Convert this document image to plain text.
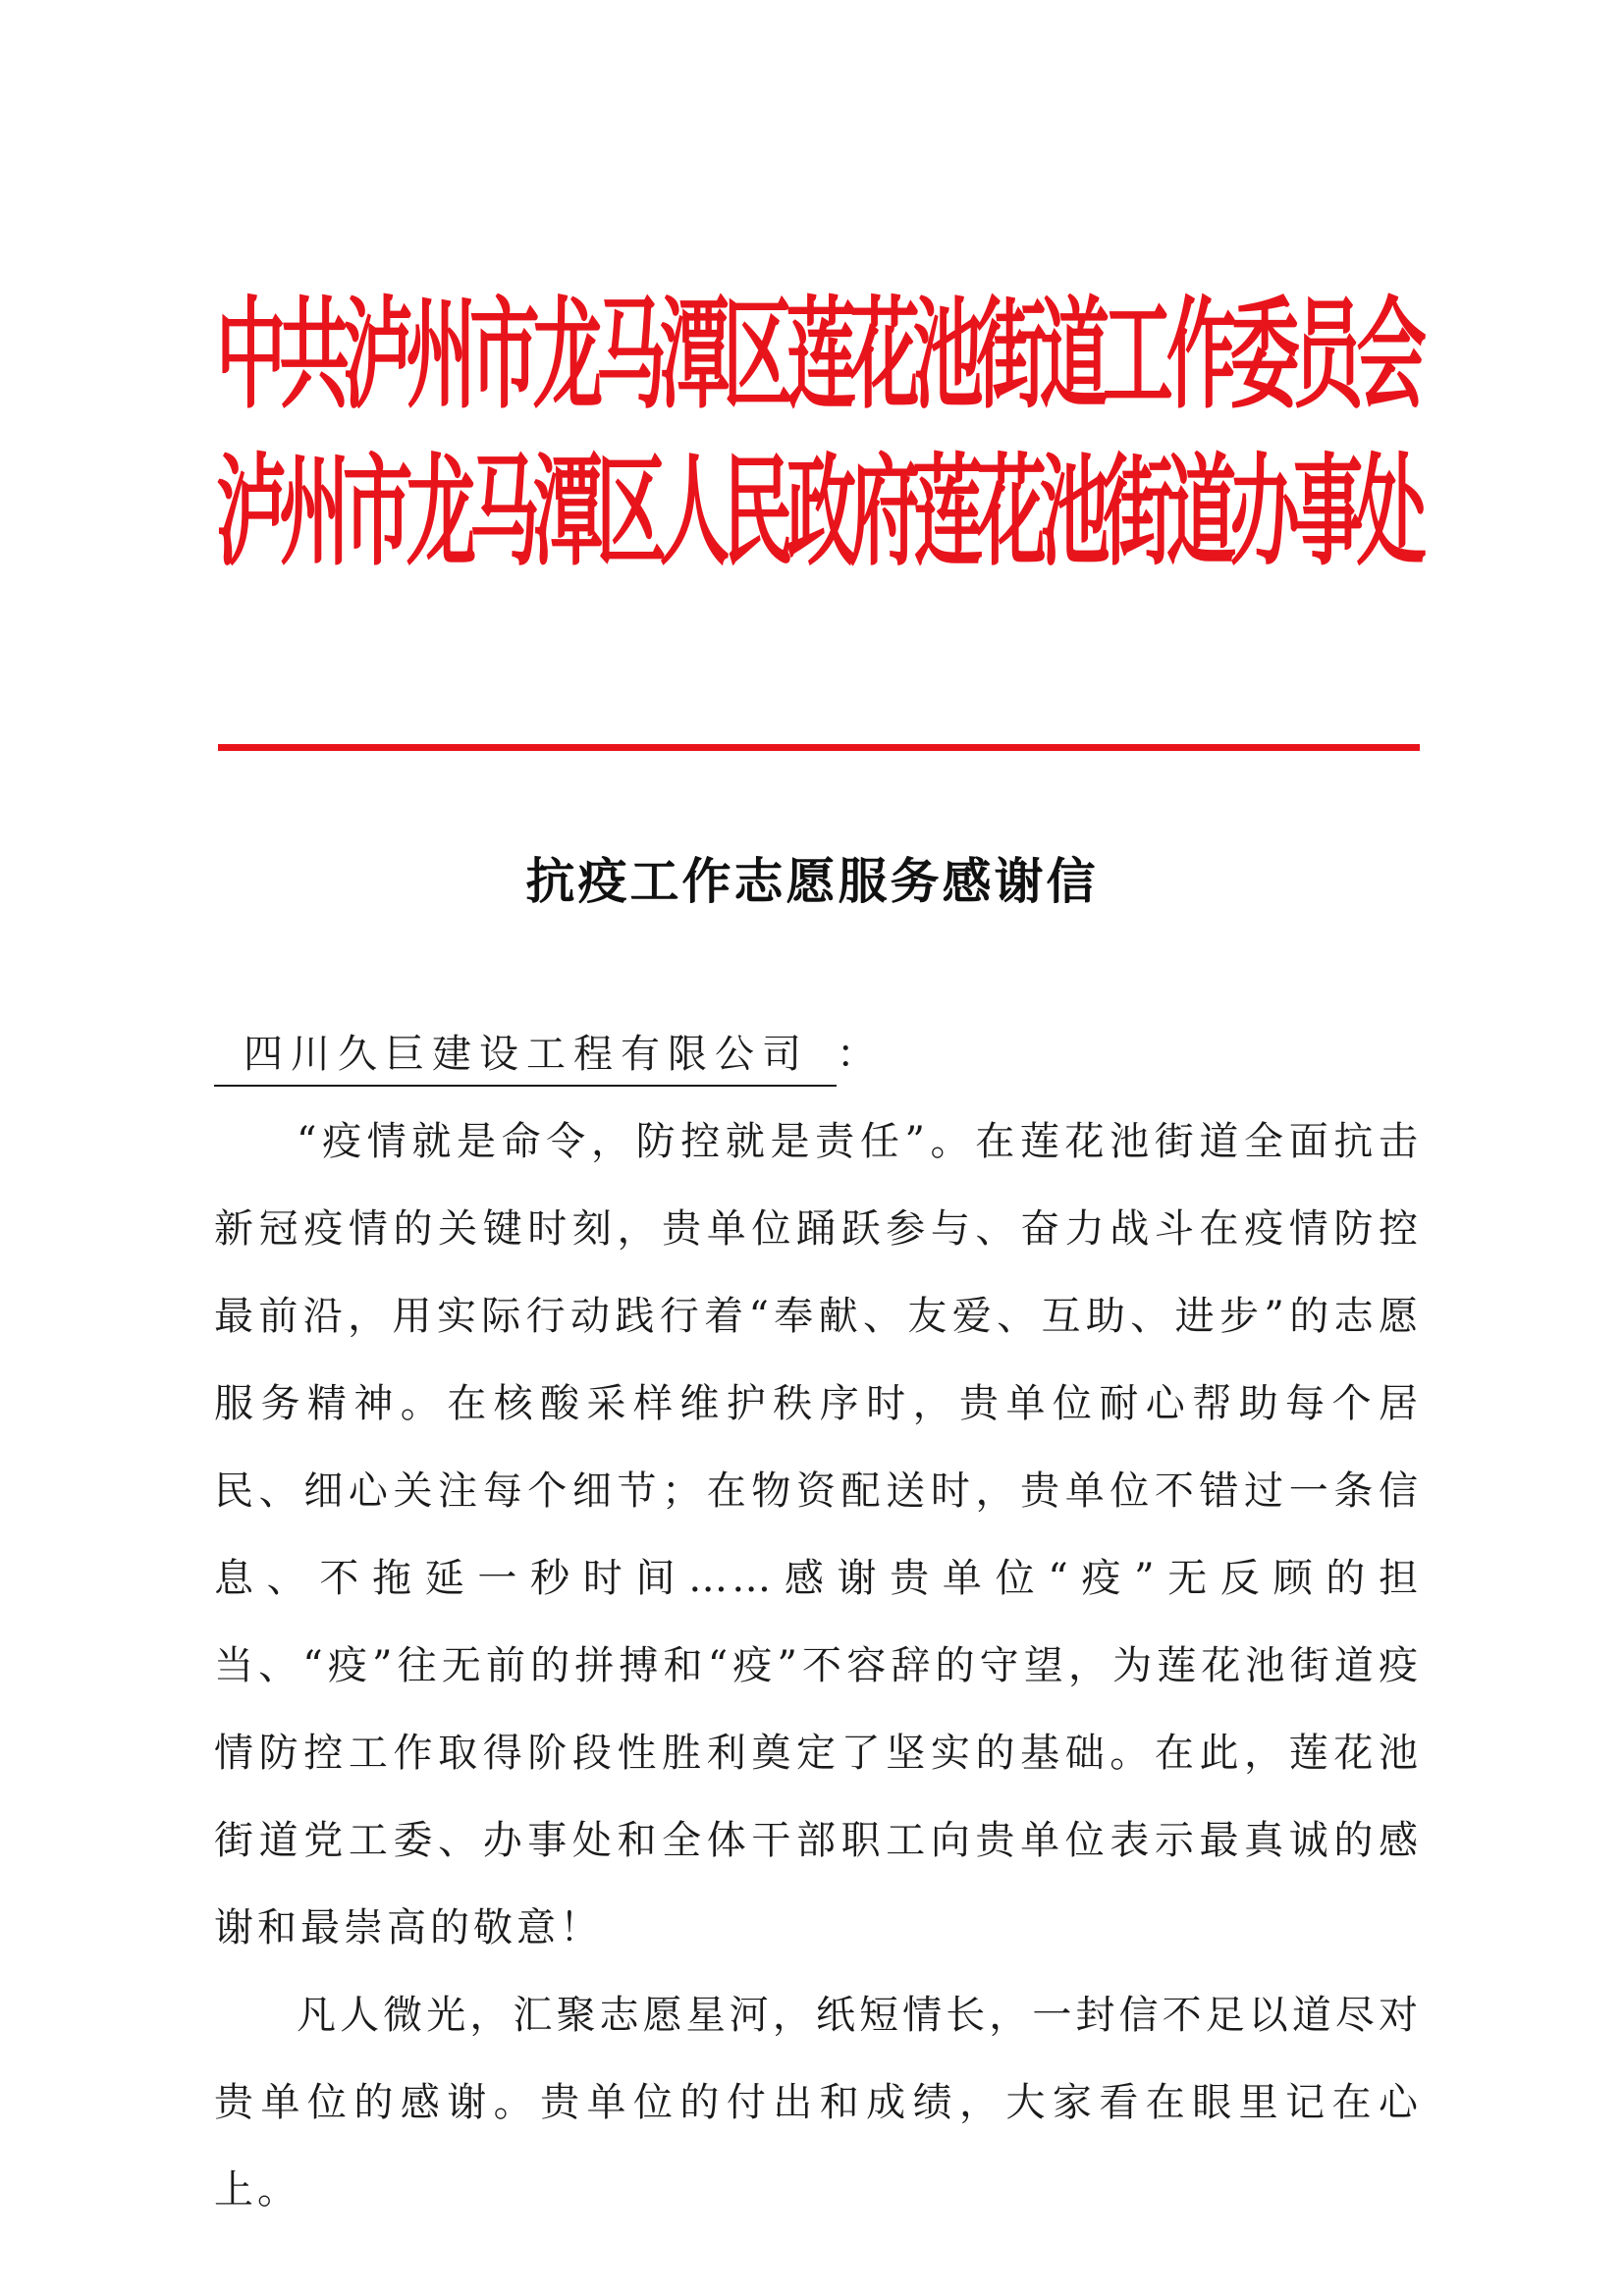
中共泸州市龙马潭区莲花池街道工作委员会
泸州市龙马潭区人民政府莲花池街道办事处
抗疫工作志愿服务感谢信
四川久巨建设工程有限公司 ：

“疫情就是命令，防控就是责任”。在莲花池街道全面抗击新冠疫情的关键时刻，贵单位踊跃参与、奋力战斗在疫情防控最前沿，用实际行动践行着“奉献、友爱、互助、进步”的志愿服务精神。在核酸采样维护秩序时，贵单位耐心帮助每个居民、细心关注每个细节；在物资配送时，贵单位不错过一条信息、不拖延一秒时间……感谢贵单位“疫”无反顾的担当、“疫”往无前的拼搏和“疫”不容辞的守望，为莲花池街道疫情防控工作取得阶段性胜利奠定了坚实的基础。在此，莲花池街道党工委、办事处和全体干部职工向贵单位表示最真诚的感谢和最崇高的敬意！

凡人微光，汇聚志愿星河，纸短情长，一封信不足以道尽对贵单位的感谢。贵单位的付出和成绩，大家看在眼里记在心上。
